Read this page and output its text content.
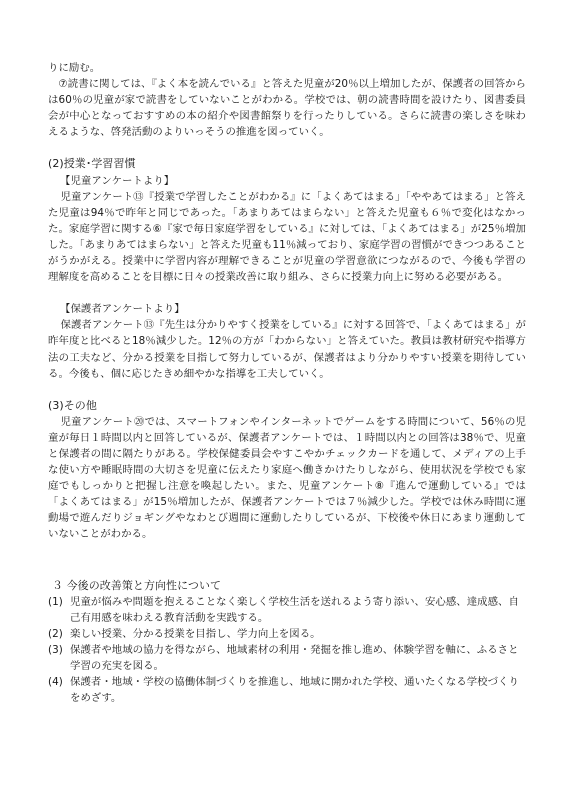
りに励む。

⑦読書に関しては、『よく本を読んでいる』と答えた児童が20％以上増加したが、保護者の回答からは60％の児童が家で読書をしていないことがわかる。学校では、朝の読書時間を設けたり、図書委員会が中心となっておすすめの本の紹介や図書館祭りを行ったりしている。さらに読書の楽しさを味わえるような、啓発活動のよりいっそうの推進を図っていく。

(2)授業･学習習慣

【児童アンケートより】

児童アンケート⑬『授業で学習したことがわかる』に「よくあてはまる」「ややあてはまる」と答えた児童は94％で昨年と同じであった。「あまりあてはまらない」と答えた児童も６％で変化はなかった。家庭学習に関する⑥『家で毎日家庭学習をしている』に対しては、「よくあてはまる」が25％増加した。「あまりあてはまらない」と答えた児童も11％減っており、家庭学習の習慣ができつつあることがうかがえる。授業中に学習内容が理解できることが児童の学習意欲につながるので、今後も学習の理解度を高めることを目標に日々の授業改善に取り組み、さらに授業力向上に努める必要がある。

【保護者アンケートより】

保護者アンケート⑬『先生は分かりやすく授業をしている』に対する回答で、「よくあてはまる」が昨年度と比べると18％減少した。12％の方が「わからない」と答えていた。教員は教材研究や指導方法の工夫など、分かる授業を目指して努力しているが、保護者はより分かりやすい授業を期待している。今後も、個に応じたきめ細やかな指導を工夫していく。

(3)その他

児童アンケート⑳では、スマートフォンやインターネットでゲームをする時間について、56％の児童が毎日１時間以内と回答しているが、保護者アンケートでは、１時間以内との回答は38％で、児童と保護者の間に隔たりがある。学校保健委員会やすこやかチェックカードを通して、メディアの上手な使い方や睡眠時間の大切さを児童に伝えたり家庭へ働きかけたりしながら、使用状況を学校でも家庭でもしっかりと把握し注意を喚起したい。また、児童アンケート⑧『進んで運動している』では「よくあてはまる」が15％増加したが、保護者アンケートでは７％減少した。学校では休み時間に運動場で遊んだりジョギングやなわとび週間に運動したりしているが、下校後や休日にあまり運動していないことがわかる。

３ 今後の改善策と方向性について

(1) 児童が悩みや問題を抱えることなく楽しく学校生活を送れるよう寄り添い、安心感、達成感、自己有用感を味わえる教育活動を実践する。
(2) 楽しい授業、分かる授業を目指し、学力向上を図る。
(3) 保護者や地域の協力を得ながら、地域素材の利用・発掘を推し進め、体験学習を軸に、ふるさと学習の充実を図る。
(4) 保護者・地域・学校の協働体制づくりを推進し、地域に開かれた学校、通いたくなる学校づくりをめざす。
